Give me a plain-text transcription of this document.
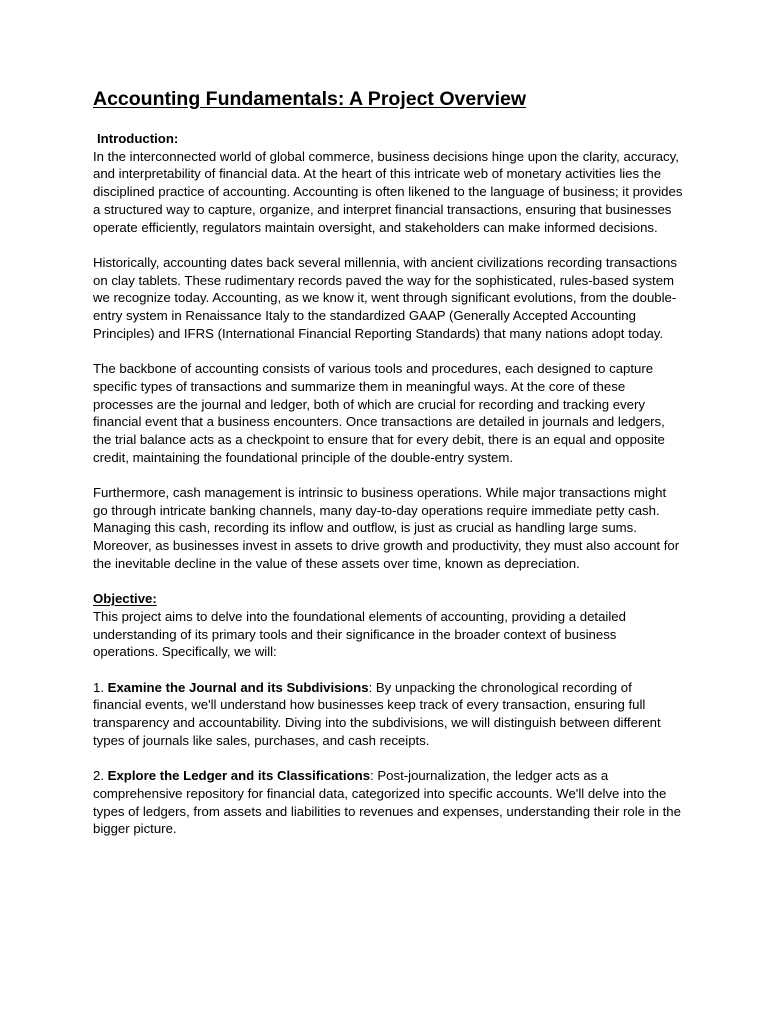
Accounting Fundamentals: A Project Overview
Introduction:

In the interconnected world of global commerce, business decisions hinge upon the clarity, accuracy, and interpretability of financial data. At the heart of this intricate web of monetary activities lies the disciplined practice of accounting. Accounting is often likened to the language of business; it provides a structured way to capture, organize, and interpret financial transactions, ensuring that businesses operate efficiently, regulators maintain oversight, and stakeholders can make informed decisions.

Historically, accounting dates back several millennia, with ancient civilizations recording transactions on clay tablets. These rudimentary records paved the way for the sophisticated, rules-based system we recognize today. Accounting, as we know it, went through significant evolutions, from the double-entry system in Renaissance Italy to the standardized GAAP (Generally Accepted Accounting Principles) and IFRS (International Financial Reporting Standards) that many nations adopt today.

The backbone of accounting consists of various tools and procedures, each designed to capture specific types of transactions and summarize them in meaningful ways. At the core of these processes are the journal and ledger, both of which are crucial for recording and tracking every financial event that a business encounters. Once transactions are detailed in journals and ledgers, the trial balance acts as a checkpoint to ensure that for every debit, there is an equal and opposite credit, maintaining the foundational principle of the double-entry system.

Furthermore, cash management is intrinsic to business operations. While major transactions might go through intricate banking channels, many day-to-day operations require immediate petty cash. Managing this cash, recording its inflow and outflow, is just as crucial as handling large sums. Moreover, as businesses invest in assets to drive growth and productivity, they must also account for the inevitable decline in the value of these assets over time, known as depreciation.

Objective:

This project aims to delve into the foundational elements of accounting, providing a detailed understanding of its primary tools and their significance in the broader context of business operations. Specifically, we will:

1. Examine the Journal and its Subdivisions: By unpacking the chronological recording of financial events, we'll understand how businesses keep track of every transaction, ensuring full transparency and accountability. Diving into the subdivisions, we will distinguish between different types of journals like sales, purchases, and cash receipts.

2. Explore the Ledger and its Classifications: Post-journalization, the ledger acts as a comprehensive repository for financial data, categorized into specific accounts. We'll delve into the types of ledgers, from assets and liabilities to revenues and expenses, understanding their role in the bigger picture.
